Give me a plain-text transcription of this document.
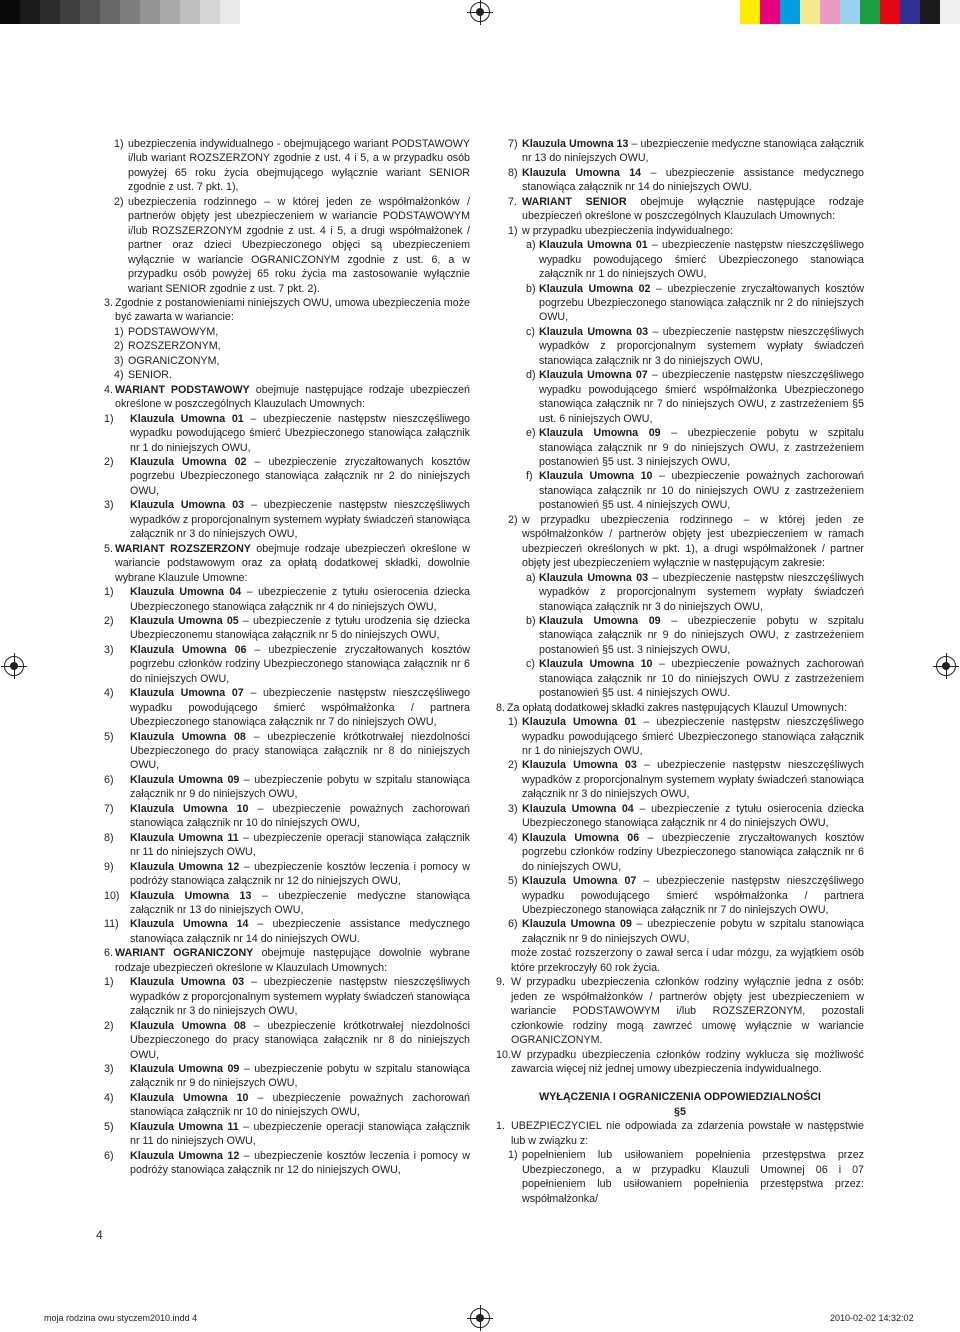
1) ubezpieczenia indywidualnego - obejmującego wariant PODSTAWOWY i/lub wariant ROZSZERZONY zgodnie z ust. 4 i 5, a w przypadku osób powyżej 65 roku życia obejmującego wyłącznie wariant SENIOR zgodnie z ust. 7 pkt. 1),
2) ubezpieczenia rodzinnego – w której jeden ze współmałżonków / partnerów objęty jest ubezpieczeniem w wariancie PODSTAWOWYM i/lub ROZSZERZONYM zgodnie z ust. 4 i 5, a drugi współmałżonek / partner oraz dzieci Ubezpieczonego objęci są ubezpieczeniem wyłącznie w wariancie OGRANICZONYM zgodnie z ust. 6, a w przypadku osób powyżej 65 roku życia ma zastosowanie wyłącznie wariant SENIOR zgodnie z ust. 7 pkt. 2).
3. Zgodnie z postanowieniami niniejszych OWU, umowa ubezpieczenia może być zawarta w wariancie:
1) PODSTAWOWYM,
2) ROZSZERZONYM,
3) OGRANICZONYM,
4) SENIOR.
4. WARIANT PODSTAWOWY obejmuje następujące rodzaje ubezpieczeń określone w poszczególnych Klauzulach Umownych:
1) Klauzula Umowna 01 – ubezpieczenie następstw nieszczęśliwego wypadku powodującego śmierć Ubezpieczonego stanowiąca załącznik nr 1 do niniejszych OWU,
2) Klauzula Umowna 02 – ubezpieczenie zryczałtowanych kosztów pogrzebu Ubezpieczonego stanowiąca załącznik nr 2 do niniejszych OWU,
3) Klauzula Umowna 03 – ubezpieczenie następstw nieszczęśliwych wypadków z proporcjonalnym systemem wypłaty świadczeń stanowiąca załącznik nr 3 do niniejszych OWU,
5. WARIANT ROZSZERZONY obejmuje rodzaje ubezpieczeń określone w wariancie podstawowym oraz za opłatą dodatkowej składki, dowolnie wybrane Klauzule Umowne:
1) Klauzula Umowna 04 – ubezpieczenie z tytułu osierocenia dziecka Ubezpieczonego stanowiąca załącznik nr 4 do niniejszych OWU,
2) Klauzula Umowna 05 – ubezpieczenie z tytułu urodzenia się dziecka Ubezpieczonemu stanowiąca załącznik nr 5 do niniejszych OWU,
3) Klauzula Umowna 06 – ubezpieczenie zryczałtowanych kosztów pogrzebu członków rodziny Ubezpieczonego stanowiąca załącznik nr 6 do niniejszych OWU,
4) Klauzula Umowna 07 – ubezpieczenie następstw nieszczęśliwego wypadku powodującego śmierć współmałżonka / partnera Ubezpieczonego stanowiąca załącznik nr 7 do niniejszych OWU,
5) Klauzula Umowna 08 – ubezpieczenie krótkotrwałej niezdolności Ubezpieczonego do pracy stanowiąca załącznik nr 8 do niniejszych OWU,
6) Klauzula Umowna 09 – ubezpieczenie pobytu w szpitalu stanowiąca załącznik nr 9 do niniejszych OWU,
7) Klauzula Umowna 10 – ubezpieczenie poważnych zachorowań stanowiąca załącznik nr 10 do niniejszych OWU,
8) Klauzula Umowna 11 – ubezpieczenie operacji stanowiąca załącznik nr 11 do niniejszych OWU,
9) Klauzula Umowna 12 – ubezpieczenie kosztów leczenia i pomocy w podróży stanowiąca załącznik nr 12 do niniejszych OWU,
10) Klauzula Umowna 13 – ubezpieczenie medyczne stanowiąca załącznik nr 13 do niniejszych OWU,
11) Klauzula Umowna 14 – ubezpieczenie assistance medycznego stanowiąca załącznik nr 14 do niniejszych OWU.
6. WARIANT OGRANICZONY obejmuje następujące dowolnie wybrane rodzaje ubezpieczeń określone w Klauzulach Umownych:
1) Klauzula Umowna 03 – ubezpieczenie następstw nieszczęśliwych wypadków z proporcjonalnym systemem wypłaty świadczeń stanowiąca załącznik nr 3 do niniejszych OWU,
2) Klauzula Umowna 08 – ubezpieczenie krótkotrwałej niezdolności Ubezpieczonego do pracy stanowiąca załącznik nr 8 do niniejszych OWU,
3) Klauzula Umowna 09 – ubezpieczenie pobytu w szpitalu stanowiąca załącznik nr 9 do niniejszych OWU,
4) Klauzula Umowna 10 – ubezpieczenie poważnych zachorowań stanowiąca załącznik nr 10 do niniejszych OWU,
5) Klauzula Umowna 11 – ubezpieczenie operacji stanowiąca załącznik nr 11 do niniejszych OWU,
6) Klauzula Umowna 12 – ubezpieczenie kosztów leczenia i pomocy w podróży stanowiąca załącznik nr 12 do niniejszych OWU,
7) Klauzula Umowna 13 – ubezpieczenie medyczne stanowiąca załącznik nr 13 do niniejszych OWU,
8) Klauzula Umowna 14 – ubezpieczenie assistance medycznego stanowiąca załącznik nr 14 do niniejszych OWU.
7. WARIANT SENIOR obejmuje wyłącznie następujące rodzaje ubezpieczeń określone w poszczególnych Klauzulach Umownych:
1) w przypadku ubezpieczenia indywidualnego:
a) Klauzula Umowna 01 – ubezpieczenie następstw nieszczęśliwego wypadku powodującego śmierć Ubezpieczonego stanowiąca załącznik nr 1 do niniejszych OWU,
b) Klauzula Umowna 02 – ubezpieczenie zryczałtowanych kosztów pogrzebu Ubezpieczonego stanowiąca załącznik nr 2 do niniejszych OWU,
c) Klauzula Umowna 03 – ubezpieczenie następstw nieszczęśliwych wypadków z proporcjonalnym systemem wypłaty świadczeń stanowiąca załącznik nr 3 do niniejszych OWU,
d) Klauzula Umowna 07 – ubezpieczenie następstw nieszczęśliwego wypadku powodującego śmierć współmałżonka Ubezpieczonego stanowiąca załącznik nr 7 do niniejszych OWU, z zastrzeżeniem §5 ust. 6 niniejszych OWU,
e) Klauzula Umowna 09 – ubezpieczenie pobytu w szpitalu stanowiąca załącznik nr 9 do niniejszych OWU, z zastrzeżeniem postanowień §5 ust. 3 niniejszych OWU,
f) Klauzula Umowna 10 – ubezpieczenie poważnych zachorowań stanowiąca załącznik nr 10 do niniejszych OWU z zastrzeżeniem postanowień §5 ust. 4 niniejszych OWU,
2) w przypadku ubezpieczenia rodzinnego – w której jeden ze współmałżonków / partnerów objęty jest ubezpieczeniem w ramach ubezpieczeń określonych w pkt. 1), a drugi współmałżonek / partner objęty jest ubezpieczeniem wyłącznie w następującym zakresie:
a) Klauzula Umowna 03 – ubezpieczenie następstw nieszczęśliwych wypadków z proporcjonalnym systemem wypłaty świadczeń stanowiąca załącznik nr 3 do niniejszych OWU,
b) Klauzula Umowna 09 – ubezpieczenie pobytu w szpitalu stanowiąca załącznik nr 9 do niniejszych OWU, z zastrzeżeniem postanowień §5 ust. 3 niniejszych OWU,
c) Klauzula Umowna 10 – ubezpieczenie poważnych zachorowań stanowiąca załącznik nr 10 do niniejszych OWU z zastrzeżeniem postanowień §5 ust. 4 niniejszych OWU.
8. Za opłatą dodatkowej składki zakres następujących Klauzul Umownych:
1) Klauzula Umowna 01 – ubezpieczenie następstw nieszczęśliwego wypadku powodującego śmierć Ubezpieczonego stanowiąca załącznik nr 1 do niniejszych OWU,
2) Klauzula Umowna 03 – ubezpieczenie następstw nieszczęśliwych wypadków z proporcjonalnym systemem wypłaty świadczeń stanowiąca załącznik nr 3 do niniejszych OWU,
3) Klauzula Umowna 04 – ubezpieczenie z tytułu osierocenia dziecka Ubezpieczonego stanowiąca załącznik nr 4 do niniejszych OWU,
4) Klauzula Umowna 06 – ubezpieczenie zryczałtowanych kosztów pogrzebu członków rodziny Ubezpieczonego stanowiąca załącznik nr 6 do niniejszych OWU,
5) Klauzula Umowna 07 – ubezpieczenie następstw nieszczęśliwego wypadku powodującego śmierć współmałżonka / partnera Ubezpieczonego stanowiąca załącznik nr 7 do niniejszych OWU,
6) Klauzula Umowna 09 – ubezpieczenie pobytu w szpitalu stanowiąca załącznik nr 9 do niniejszych OWU,
może zostać rozszerzony o zawał serca i udar mózgu, za wyjątkiem osób które przekroczyły 60 rok życia.
9. W przypadku ubezpieczenia członków rodziny wyłącznie jedna z osób: jeden ze współmałżonków / partnerów objęty jest ubezpieczeniem w wariancie PODSTAWOWYM i/lub ROZSZERZONYM, pozostali członkowie rodziny mogą zawrzeć umowę wyłącznie w wariancie OGRANICZONYM.
10. W przypadku ubezpieczenia członków rodziny wyklucza się możliwość zawarcia więcej niż jednej umowy ubezpieczenia indywidualnego.
WYŁĄCZENIA I OGRANICZENIA ODPOWIEDZIALNOŚCI
§5
1. UBEZPIECZYCIEL nie odpowiada za zdarzenia powstałe w następstwie lub w związku z:
1) popełnieniem lub usiłowaniem popełnienia przestępstwa przez Ubezpieczonego, a w przypadku Klauzuli Umownej 06 i 07 popełnieniem lub usiłowaniem popełnienia przestępstwa przez: współmałżonka/
4
moja rodzina owu styczem2010.indd 4	2010-02-02 14:32:02
